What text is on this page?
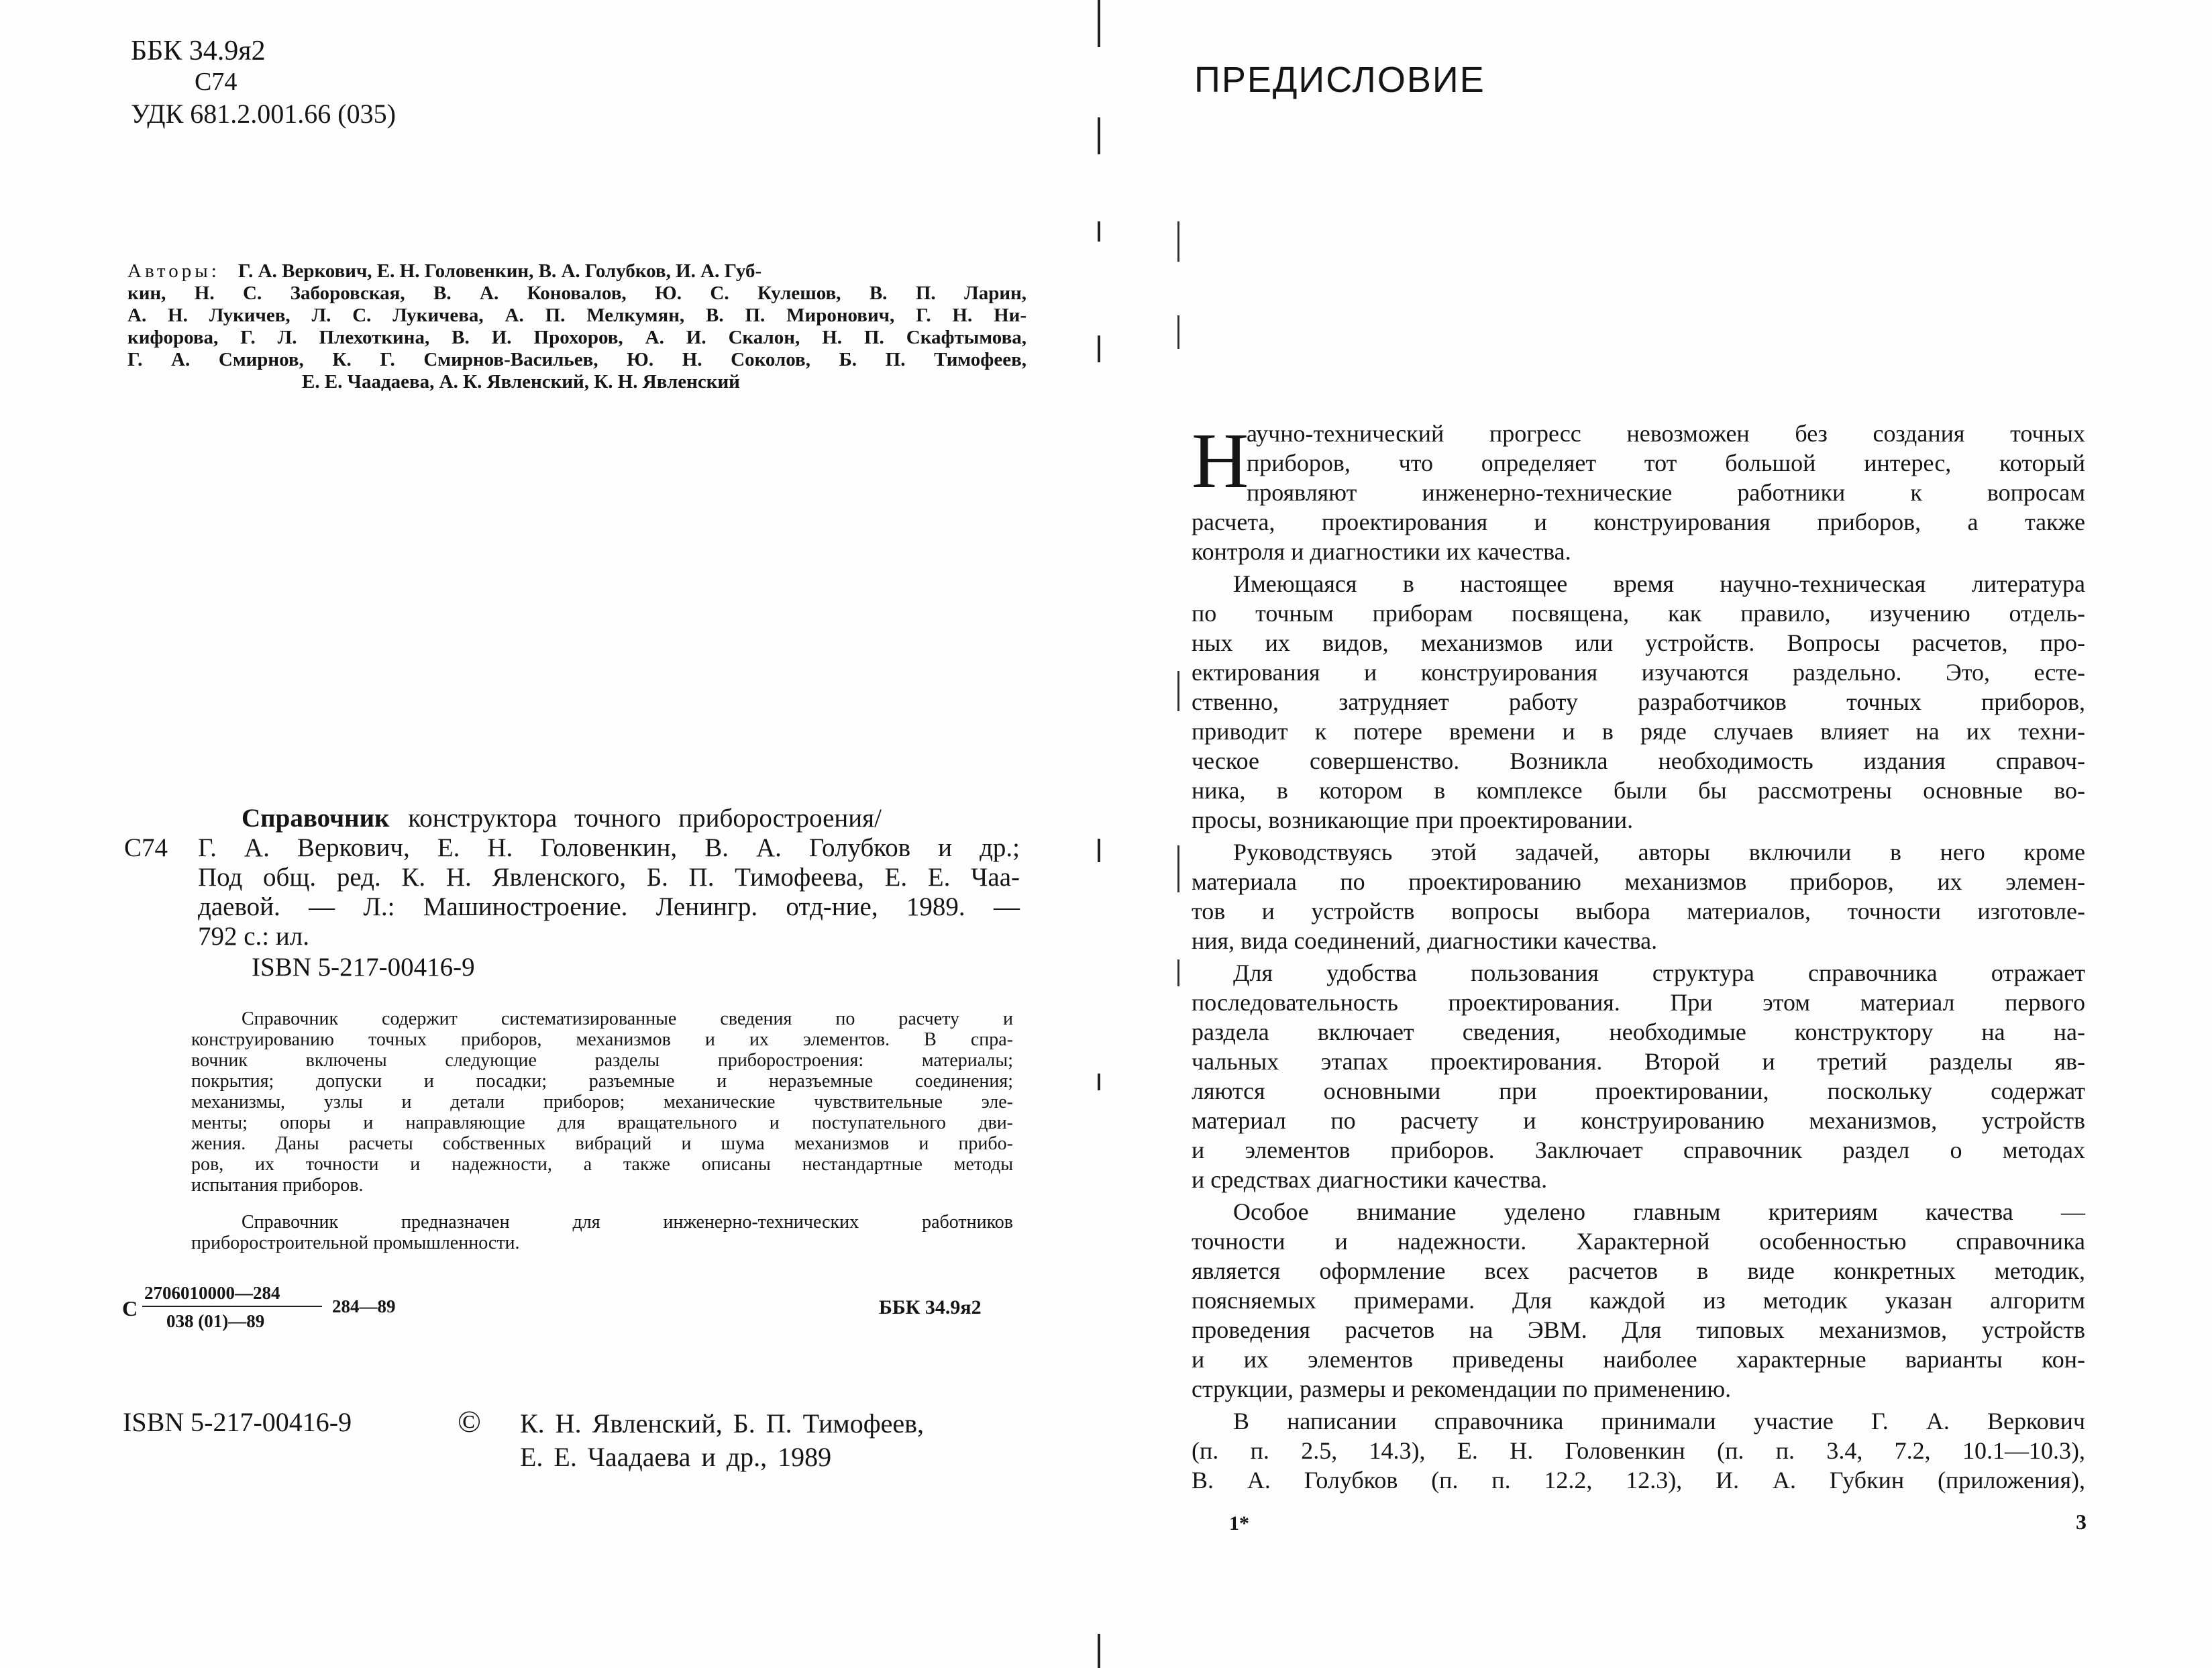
ББК 34.9я2
С74
УДК 681.2.001.66 (035)
Авторы: Г. А. Веркович, Е. Н. Головенкин, В. А. Голубков, И. А. Губ-
кин, Н. С. Заборовская, В. А. Коновалов, Ю. С. Кулешов, В. П. Ларин,
А. Н. Лукичев, Л. С. Лукичева, А. П. Мелкумян, В. П. Миронович, Г. Н. Ни-
кифорова, Г. Л. Плехоткина, В. И. Прохоров, А. И. Скалон, Н. П. Скафтымова,
Г. А. Смирнов, К. Г. Смирнов-Васильев, Ю. Н. Соколов, Б. П. Тимофеев,
Е. Е. Чаадаева, А. К. Явленский, К. Н. Явленский
Справочник конструктора точного приборостроения/
С74 Г. А. Веркович, Е. Н. Головенкин, В. А. Голубков и др.;
Под общ. ред. К. Н. Явленского, Б. П. Тимофеева, Е. Е. Чаа-
даевой. — Л.: Машиностроение. Ленингр. отд-ние, 1989. —
792 с.: ил.
ISBN 5-217-00416-9
Справочник содержит систематизированные сведения по расчету и
конструированию точных приборов, механизмов и их элементов. В спра-
вочник включены следующие разделы приборостроения: материалы;
покрытия; допуски и посадки; разъемные и неразъемные соединения;
механизмы, узлы и детали приборов; механические чувствительные эле-
менты; опоры и направляющие для вращательного и поступательного дви-
жения. Даны расчеты собственных вибраций и шума механизмов и прибо-
ров, их точности и надежности, а также описаны нестандартные методы
испытания приборов.
Справочник предназначен для инженерно-технических работников
приборостроительной промышленности.
С
2706010000—284
038 (01)—89
284—89	ББК 34.9я2
ISBN 5-217-00416-9	© К. Н. Явленский, Б. П. Тимофеев,
Е. Е. Чаадаева и др., 1989
ПРЕДИСЛОВИЕ
Н
аучно-технический прогресс невозможен без создания точных
приборов, что определяет тот большой интерес, который
проявляют инженерно-технические работники к вопросам
расчета, проектирования и конструирования приборов, а также
контроля и диагностики их качества.
Имеющаяся в настоящее время научно-техническая литература
по точным приборам посвящена, как правило, изучению отдель-
ных их видов, механизмов или устройств. Вопросы расчетов, про-
ектирования и конструирования изучаются раздельно. Это, есте-
ственно, затрудняет работу разработчиков точных приборов,
приводит к потере времени и в ряде случаев влияет на их техни-
ческое совершенство. Возникла необходимость издания справоч-
ника, в котором в комплексе были бы рассмотрены основные во-
просы, возникающие при проектировании.
Руководствуясь этой задачей, авторы включили в него кроме
материала по проектированию механизмов приборов, их элемен-
тов и устройств вопросы выбора материалов, точности изготовле-
ния, вида соединений, диагностики качества.
Для удобства пользования структура справочника отражает
последовательность проектирования. При этом материал первого
раздела включает сведения, необходимые конструктору на на-
чальных этапах проектирования. Второй и третий разделы яв-
ляются основными при проектировании, поскольку содержат
материал по расчету и конструированию механизмов, устройств
и элементов приборов. Заключает справочник раздел о методах
и средствах диагностики качества.
Особое внимание уделено главным критериям качества —
точности и надежности. Характерной особенностью справочника
является оформление всех расчетов в виде конкретных методик,
поясняемых примерами. Для каждой из методик указан алгоритм
проведения расчетов на ЭВМ. Для типовых механизмов, устройств
и их элементов приведены наиболее характерные варианты кон-
струкции, размеры и рекомендации по применению.
В написании справочника принимали участие Г. А. Веркович
(п. п. 2.5, 14.3), Е. Н. Головенкин (п. п. 3.4, 7.2, 10.1—10.3),
В. А. Голубков (п. п. 12.2, 12.3), И. А. Губкин (приложения),
1*	3
